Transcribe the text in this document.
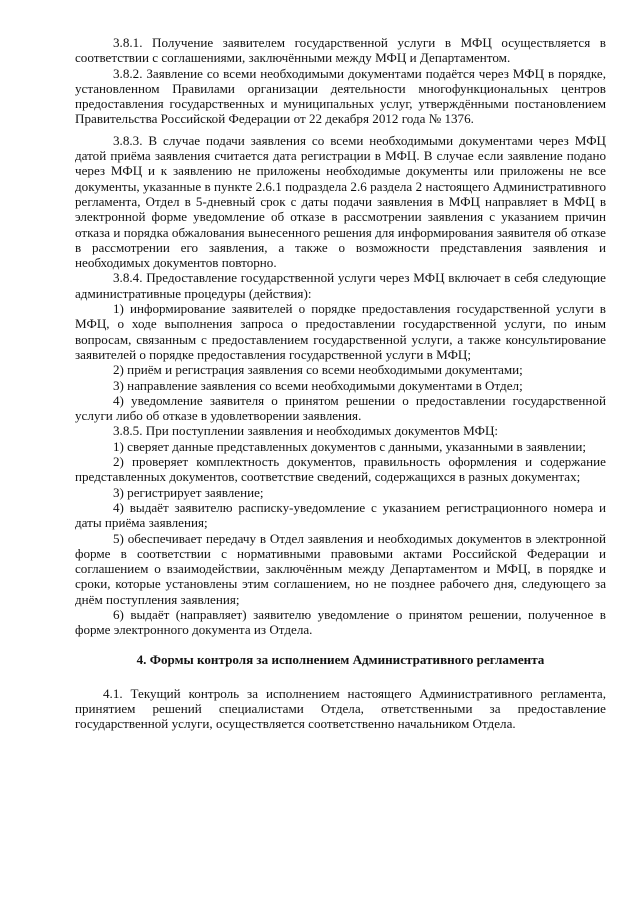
3.8.1. Получение заявителем государственной услуги в МФЦ осуществляется в соответствии с соглашениями, заключёнными между МФЦ и Департаментом.

3.8.2. Заявление со всеми необходимыми документами подаётся через МФЦ в порядке, установленном Правилами организации деятельности многофункциональных центров предоставления государственных и муниципальных услуг, утверждёнными постановлением Правительства Российской Федерации от 22 декабря 2012 года № 1376.

3.8.3. В случае подачи заявления со всеми необходимыми документами через МФЦ датой приёма заявления считается дата регистрации в МФЦ. В случае если заявление подано через МФЦ и к заявлению не приложены необходимые документы или приложены не все документы, указанные в пункте 2.6.1 подраздела 2.6 раздела 2 настоящего Административного регламента, Отдел в 5-дневный срок с даты подачи заявления в МФЦ направляет в МФЦ в электронной форме уведомление об отказе в рассмотрении заявления с указанием причин отказа и порядка обжалования вынесенного решения для информирования заявителя об отказе в рассмотрении его заявления, а также о возможности представления заявления и необходимых документов повторно.

3.8.4. Предоставление государственной услуги через МФЦ включает в себя следующие административные процедуры (действия):

1) информирование заявителей о порядке предоставления государственной услуги в МФЦ, о ходе выполнения запроса о предоставлении государственной услуги, по иным вопросам, связанным с предоставлением государственной услуги, а также консультирование заявителей о порядке предоставления государственной услуги в МФЦ;

2) приём и регистрация заявления со всеми необходимыми документами;

3) направление заявления со всеми необходимыми документами в Отдел;

4) уведомление заявителя о принятом решении о предоставлении государственной услуги либо об отказе в удовлетворении заявления.

3.8.5. При поступлении заявления и необходимых документов МФЦ:

1) сверяет данные представленных документов с данными, указанными в заявлении;

2) проверяет комплектность документов, правильность оформления и содержание представленных документов, соответствие сведений, содержащихся в разных документах;

3) регистрирует заявление;

4) выдаёт заявителю расписку-уведомление с указанием регистрационного номера и даты приёма заявления;

5) обеспечивает передачу в Отдел заявления и необходимых документов в электронной форме в соответствии с нормативными правовыми актами Российской Федерации и соглашением о взаимодействии, заключённым между Департаментом и МФЦ, в порядке и сроки, которые установлены этим соглашением, но не позднее рабочего дня, следующего за днём поступления заявления;

6) выдаёт (направляет) заявителю уведомление о принятом решении, полученное в форме электронного документа из Отдела.

4. Формы контроля за исполнением Административного регламента

4.1. Текущий контроль за исполнением настоящего Административного регламента, принятием решений специалистами Отдела, ответственными за предоставление государственной услуги, осуществляется соответственно начальником Отдела.
